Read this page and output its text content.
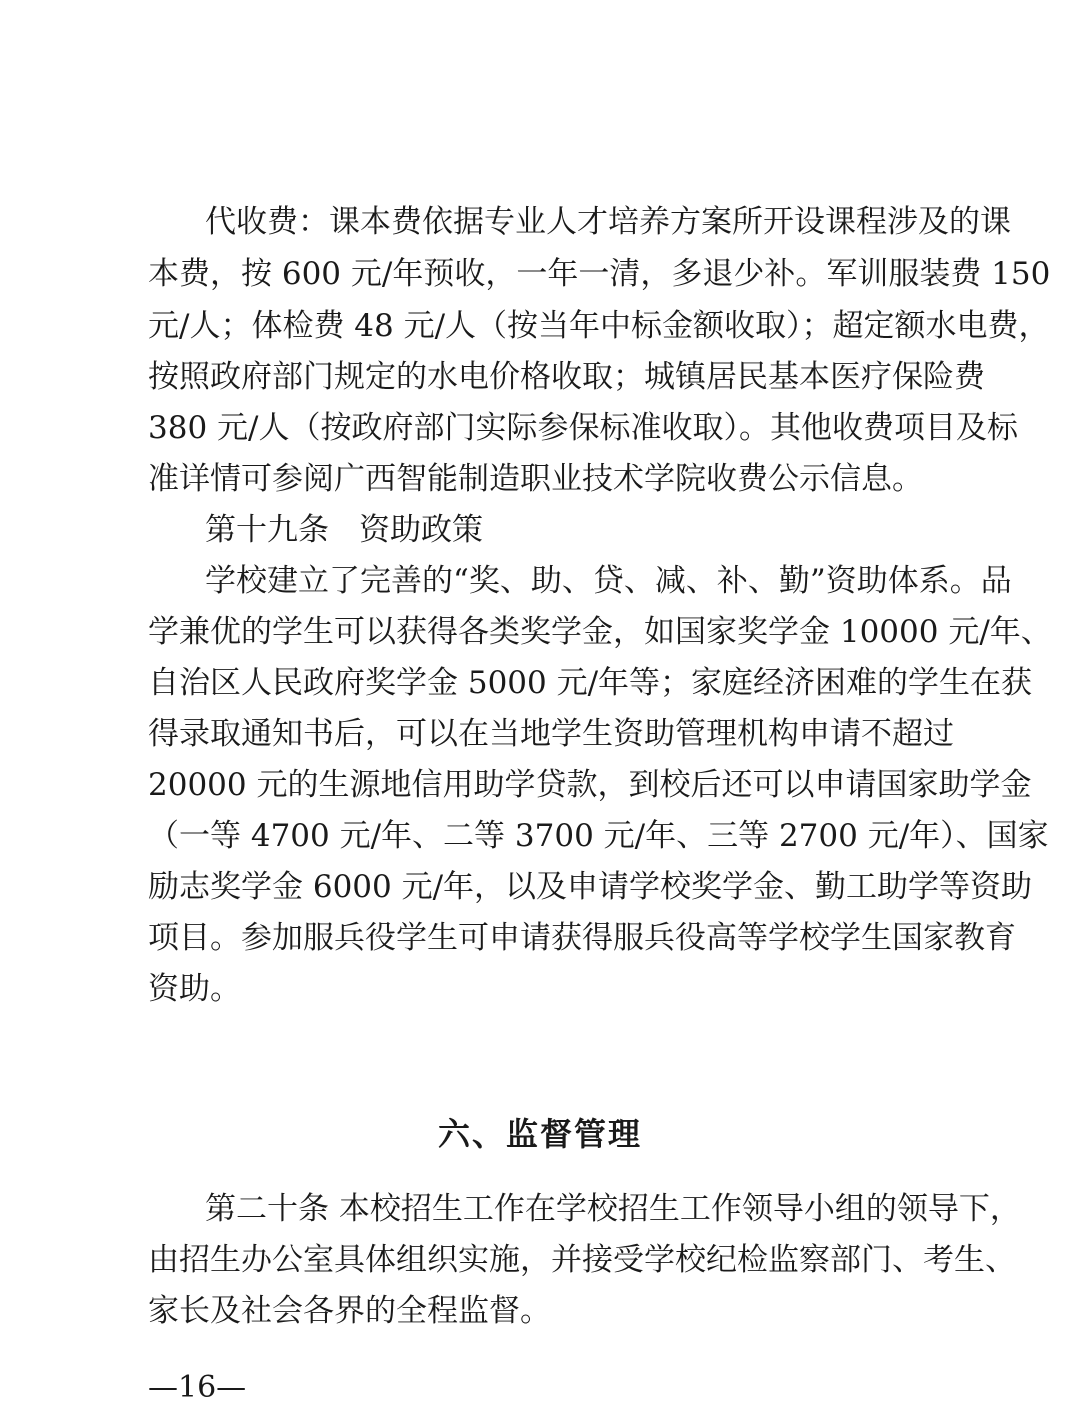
代收费：课本费依据专业人才培养方案所开设课程涉及的课
本费，按 600 元/年预收，一年一清，多退少补。军训服装费 150
元/人；体检费 48 元/人（按当年中标金额收取）；超定额水电费，
按照政府部门规定的水电价格收取；城镇居民基本医疗保险费
380 元/人（按政府部门实际参保标准收取）。其他收费项目及标
准详情可参阅广西智能制造职业技术学院收费公示信息。
第十九条 资助政策
学校建立了完善的“奖、助、贷、减、补、勤”资助体系。品
学兼优的学生可以获得各类奖学金，如国家奖学金 10000 元/年、
自治区人民政府奖学金 5000 元/年等；家庭经济困难的学生在获
得录取通知书后，可以在当地学生资助管理机构申请不超过
20000 元的生源地信用助学贷款，到校后还可以申请国家助学金
（一等 4700 元/年、二等 3700 元/年、三等 2700 元/年）、国家
励志奖学金 6000 元/年，以及申请学校奖学金、勤工助学等资助
项目。参加服兵役学生可申请获得服兵役高等学校学生国家教育
资助。
六、监督管理
第二十条 本校招生工作在学校招生工作领导小组的领导下，
由招生办公室具体组织实施，并接受学校纪检监察部门、考生、
家长及社会各界的全程监督。
—16—
